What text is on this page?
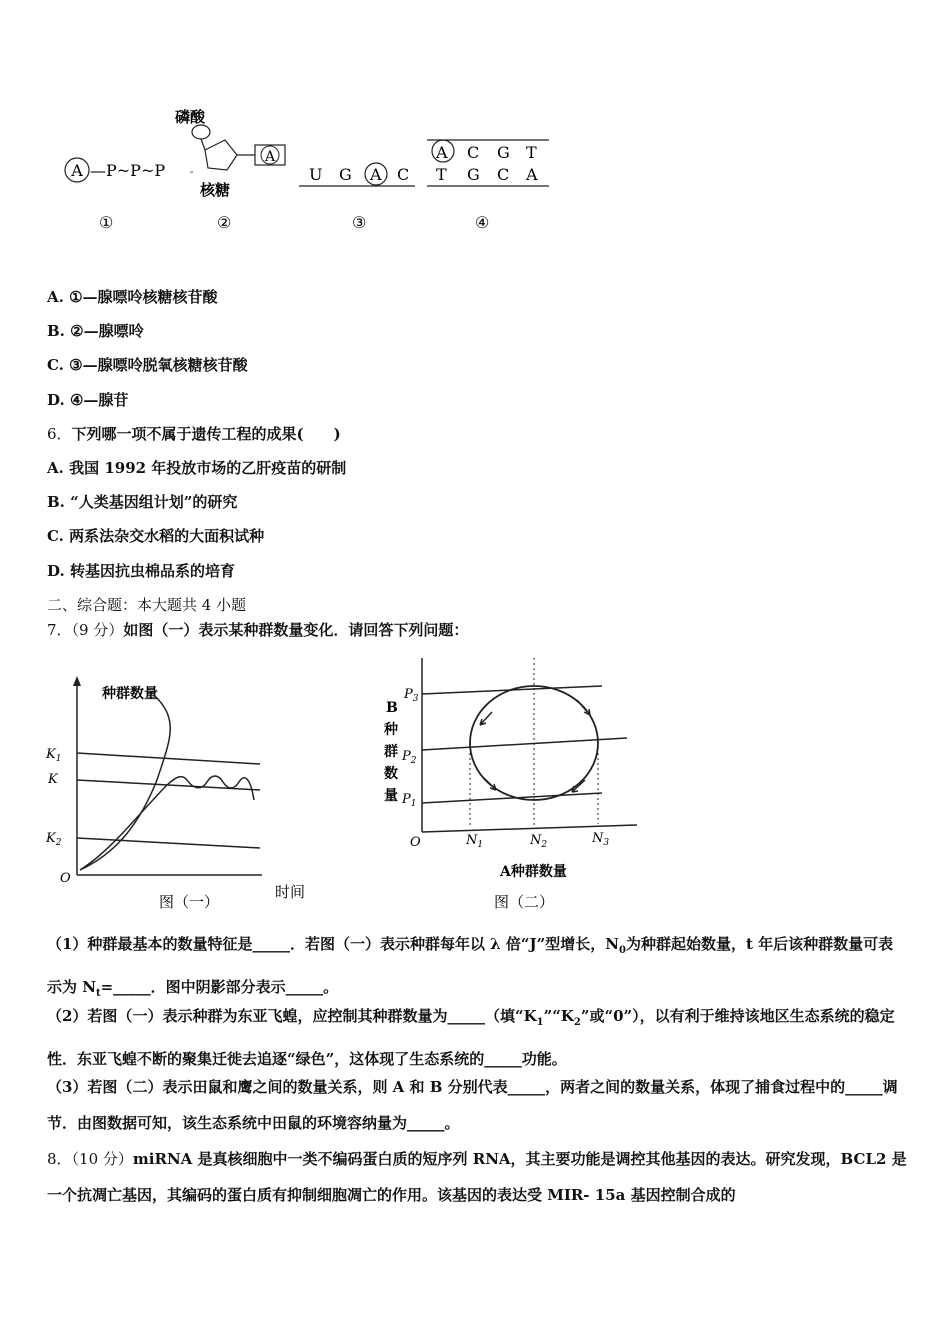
A —P~P~P
磷酸
A
核糖
-	U G A C
A C G T
T G C A
①	②	③	④
A. ①—腺嘌呤核糖核苷酸
B. ②—腺嘌呤
C. ③—腺嘌呤脱氧核糖核苷酸
D. ④—腺苷
6．下列哪一项不属于遗传工程的成果(　　)
A. 我国 1992 年投放市场的乙肝疫苗的研制
B. “人类基因组计划”的研究
C. 两系法杂交水稻的大面积试种
D. 转基因抗虫棉品系的培育
二、综合题：本大题共 4 小题
7．（9 分）如图（一）表示某种群数量变化．请回答下列问题：
种群数量
$K_1$
K
$K_2$
O
时间
图（一）
B
种
群
数
量
$P_3$
$P_2$
$P_1$
O	$N_1$	$N_2$	$N_3$
A种群数量
图（二）
（1）种群最基本的数量特征是_____．若图（一）表示种群每年以 λ 倍“J”型增长，$N_0$为种群起始数量，t 年后该种群数量可表示为 $N_t=\_\_\_\_\_$．图中阴影部分表示_____。
（2）若图（一）表示种群为东亚飞蝗，应控制其种群数量为_____（填“$K_1”“K_2$”或“0”），以有利于维持该地区生态系统的稳定性．东亚飞蝗不断的聚集迁徙去追逐“绿色”，这体现了生态系统的_____功能。
（3）若图（二）表示田鼠和鹰之间的数量关系，则 A 和 B 分别代表_____，两者之间的数量关系，体现了捕食过程中的_____调节．由图数据可知，该生态系统中田鼠的环境容纳量为_____。
8．（10 分）miRNA 是真核细胞中一类不编码蛋白质的短序列 RNA，其主要功能是调控其他基因的表达。研究发现，BCL2 是一个抗凋亡基因，其编码的蛋白质有抑制细胞凋亡的作用。该基因的表达受 MIR- 15a 基因控制合成的
